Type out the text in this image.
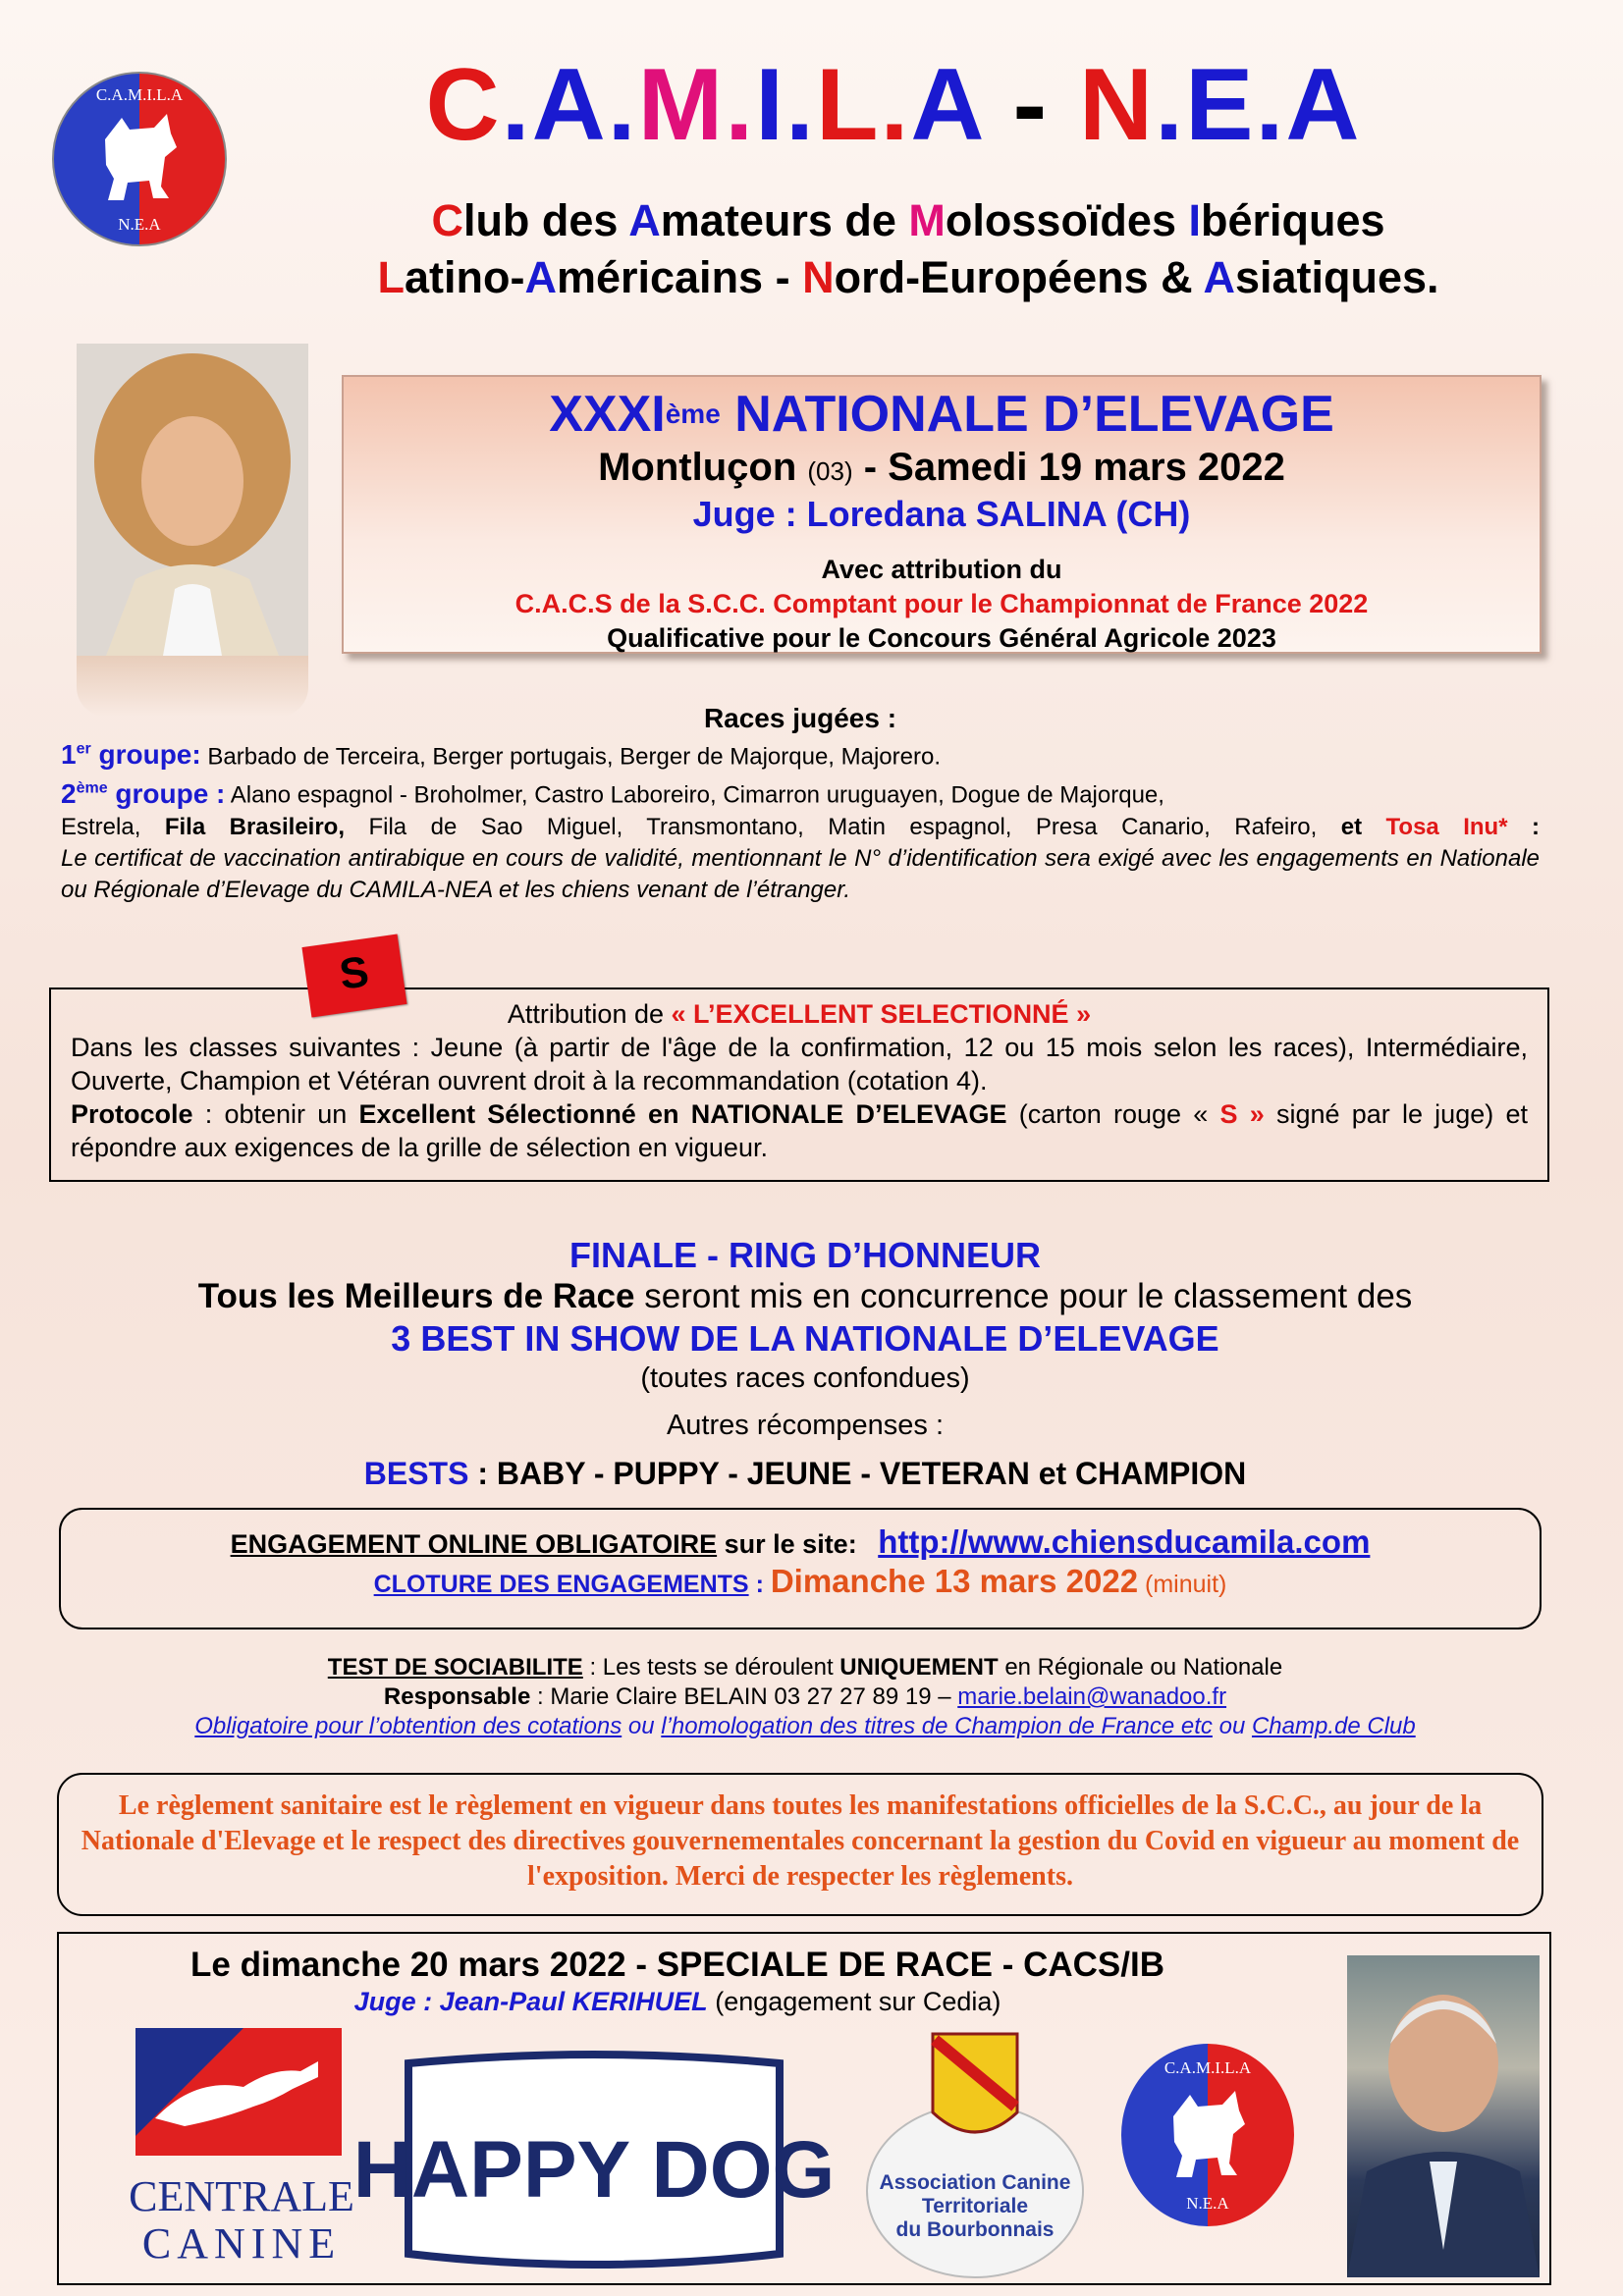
C.A.M.I.L.A
N.E.A
C.A.M.I.L.A - N.E.A
Club des Amateurs de Molossoïdes Ibériques
Latino-Américains - Nord-Européens & Asiatiques.
XXXIème NATIONALE D’ELEVAGE
Montluçon (03) - Samedi 19 mars 2022
Juge : Loredana SALINA (CH)
Avec attribution du
C.A.C.S de la S.C.C. Comptant pour le Championnat de France 2022
Qualificative pour le Concours Général Agricole 2023
Races jugées :
1er groupe: Barbado de Terceira, Berger portugais, Berger de Majorque, Majorero.
2ème groupe : Alano espagnol - Broholmer, Castro Laboreiro, Cimarron uruguayen, Dogue de Majorque,
Estrela, Fila Brasileiro, Fila de Sao Miguel, Transmontano, Matin espagnol, Presa Canario, Rafeiro, et Tosa Inu* :
Le certificat de vaccination antirabique en cours de validité, mentionnant le N° d’identification sera exigé avec les engagements en Nationale ou Régionale d’Elevage du CAMILA-NEA et les chiens venant de l’étranger.
Attribution de « L’EXCELLENT SELECTIONNÉ »
Dans les classes suivantes : Jeune (à partir de l'âge de la confirmation, 12 ou 15 mois selon les races), Intermédiaire, Ouverte, Champion et Vétéran ouvrent droit à la recommandation (cotation 4).
Protocole : obtenir un Excellent Sélectionné en NATIONALE D’ELEVAGE (carton rouge « S » signé par le juge) et répondre aux exigences de la grille de sélection en vigueur.
S
FINALE - RING D’HONNEUR
Tous les Meilleurs de Race seront mis en concurrence pour le classement des
3 BEST IN SHOW DE LA NATIONALE D’ELEVAGE
(toutes races confondues)
Autres récompenses :
BESTS : BABY - PUPPY - JEUNE - VETERAN et CHAMPION
ENGAGEMENT ONLINE OBLIGATOIRE sur le site: http://www.chiensducamila.com
CLOTURE DES ENGAGEMENTS : Dimanche 13 mars 2022 (minuit)
TEST DE SOCIABILITE : Les tests se déroulent UNIQUEMENT en Régionale ou Nationale
Responsable : Marie Claire BELAIN 03 27 27 89 19 – marie.belain@wanadoo.fr
Obligatoire pour l’obtention des cotations ou l’homologation des titres de Champion de France etc ou Champ.de Club
Le règlement sanitaire est le règlement en vigueur dans toutes les manifestations officielles de la S.C.C., au jour de la Nationale d'Elevage et le respect des directives gouvernementales concernant la gestion du Covid en vigueur au moment de l'exposition. Merci de respecter les règlements.
Le dimanche 20 mars 2022 - SPECIALE DE RACE - CACS/IB
Juge : Jean-Paul KERIHUEL (engagement sur Cedia)
CENTRALE
CANINE
HAPPY DOG Association Canine
Territoriale
du Bourbonnais
C.A.M.I.L.A
N.E.A
